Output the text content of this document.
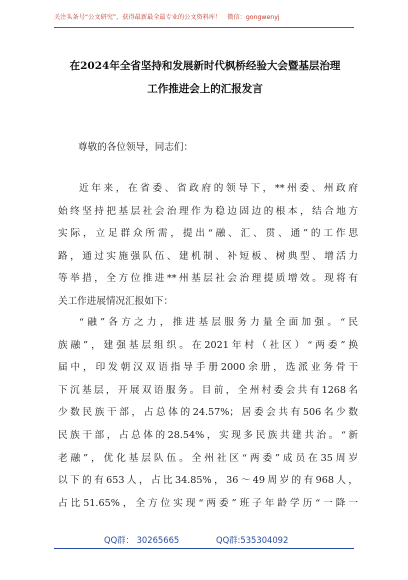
关注头条号“公文研究”，获得最新最全最专业的公文资料库！ 微信：gongwenyj
在2024年全省坚持和发展新时代枫桥经验大会暨基层治理
工作推进会上的汇报发言
尊敬的各位领导，同志们：
近年来，在省委、省政府的领导下，**州委、州政府
始终坚持把基层社会治理作为稳边固边的根本，结合地方
实际，立足群众所需，提出“融、汇、贯、通”的工作思
路，通过实施强队伍、建机制、补短板、树典型、增活力
等举措，全方位推进**州基层社会治理提质增效。现将有
关工作进展情况汇报如下：
“融”各方之力，推进基层服务力量全面加强。“民
族融”，建强基层组织。在2021年村（社区）“两委”换
届中，印发朝汉双语指导手册2000余册，选派业务骨干
下沉基层，开展双语服务。目前，全州村委会共有1268名
少数民族干部，占总体的24.57%；居委会共有506名少数
民族干部，占总体的28.54%，实现多民族共建共治。“新
老融”，优化基层队伍。全州社区“两委”成员在35周岁
以下的有653人，占比34.85%，36～49周岁的有968人，
占比51.65%，全方位实现“两委”班子年龄学历“一降一
QQ群： 30265665	QQ群:535304092
